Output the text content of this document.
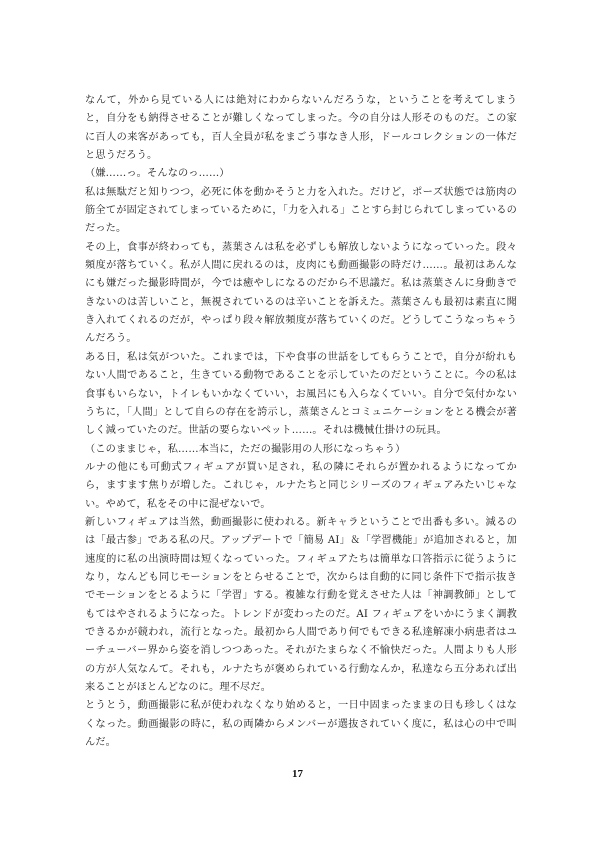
なんて，外から見ている人には絶対にわからないんだろうな，ということを考えてしまうと，自分をも納得させることが難しくなってしまった。今の自分は人形そのものだ。この家に百人の来客があっても，百人全員が私をまごう事なき人形，ドールコレクションの一体だと思うだろう。

（嫌……っ。そんなのっ……）

私は無駄だと知りつつ，必死に体を動かそうと力を入れた。だけど，ポーズ状態では筋肉の筋全てが固定されてしまっているために，「力を入れる」ことすら封じられてしまっているのだった。

その上，食事が終わっても，蒸葉さんは私を必ずしも解放しないようになっていった。段々頻度が落ちていく。私が人間に戻れるのは，皮肉にも動画撮影の時だけ……。最初はあんなにも嫌だった撮影時間が，今では癒やしになるのだから不思議だ。私は蒸葉さんに身動きできないのは苦しいこと，無視されているのは辛いことを訴えた。蒸葉さんも最初は素直に聞き入れてくれるのだが，やっぱり段々解放頻度が落ちていくのだ。どうしてこうなっちゃうんだろう。

ある日，私は気がついた。これまでは，下や食事の世話をしてもらうことで，自分が紛れもない人間であること，生きている動物であることを示していたのだということに。今の私は食事もいらない，トイレもいかなくていい，お風呂にも入らなくていい。自分で気付かないうちに，「人間」として自らの存在を誇示し，蒸葉さんとコミュニケーションをとる機会が著しく減っていたのだ。世話の要らないペット……。それは機械仕掛けの玩具。

（このままじゃ，私……本当に，ただの撮影用の人形になっちゃう）

ルナの他にも可動式フィギュアが買い足され，私の隣にそれらが置かれるようになってから，ますます焦りが増した。これじゃ，ルナたちと同じシリーズのフィギュアみたいじゃない。やめて，私をその中に混ぜないで。

新しいフィギュアは当然，動画撮影に使われる。新キャラということで出番も多い。減るのは「最古参」である私の尺。アップデートで「簡易 AI」＆「学習機能」が追加されると，加速度的に私の出演時間は短くなっていった。フィギュアたちは簡単な口答指示に従うようになり，なんども同じモーションをとらせることで，次からは自動的に同じ条件下で指示抜きでモーションをとるように「学習」する。複雑な行動を覚えさせた人は「神調教師」としてもてはやされるようになった。トレンドが変わったのだ。AI フィギュアをいかにうまく調教できるかが競われ，流行となった。最初から人間であり何でもできる私達解凍小病患者はユーチューバー界から姿を消しつつあった。それがたまらなく不愉快だった。人間よりも人形の方が人気なんて。それも，ルナたちが褒められている行動なんか，私達なら五分あれば出来ることがほとんどなのに。理不尽だ。

とうとう，動画撮影に私が使われなくなり始めると，一日中固まったままの日も珍しくはなくなった。動画撮影の時に，私の両隣からメンバーが選抜されていく度に，私は心の中で叫んだ。

17
